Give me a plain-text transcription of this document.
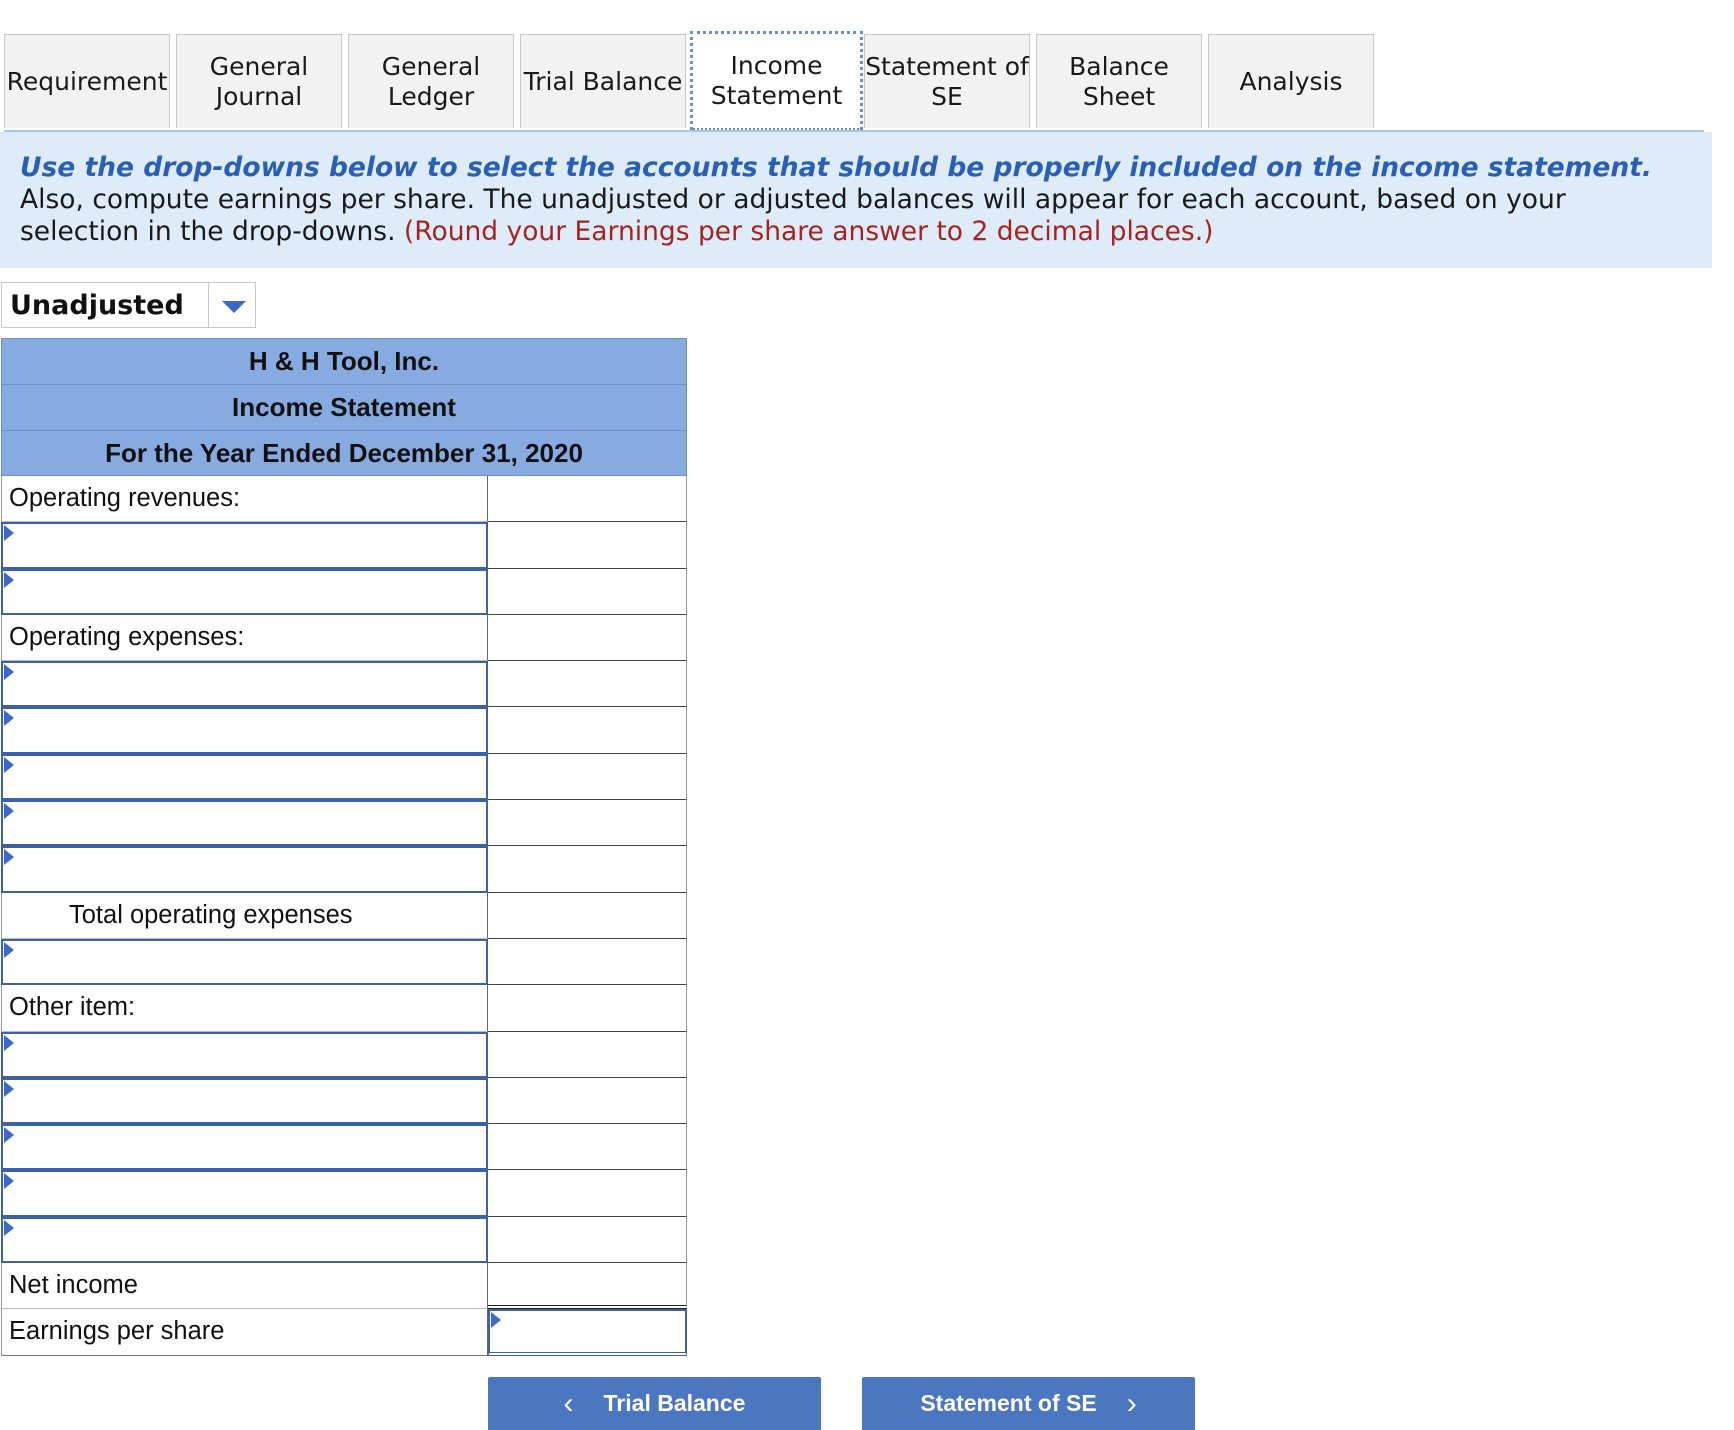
Requirement
General
Journal
General
Ledger
Trial Balance
Income
Statement
Statement of
SE
Balance Sheet
Analysis
Use the drop-downs below to select the accounts that should be properly included on the income statement. Also, compute earnings per share. The unadjusted or adjusted balances will appear for each account, based on your selection in the drop-downs. (Round your Earnings per share answer to 2 decimal places.)
Unadjusted
H & H Tool, Inc.
Income Statement
For the Year Ended December 31, 2020
Operating revenues:
Operating expenses:
Total operating expenses
Other item:
Net income
Earnings per share
‹ Trial Balance	Statement of SE ›
